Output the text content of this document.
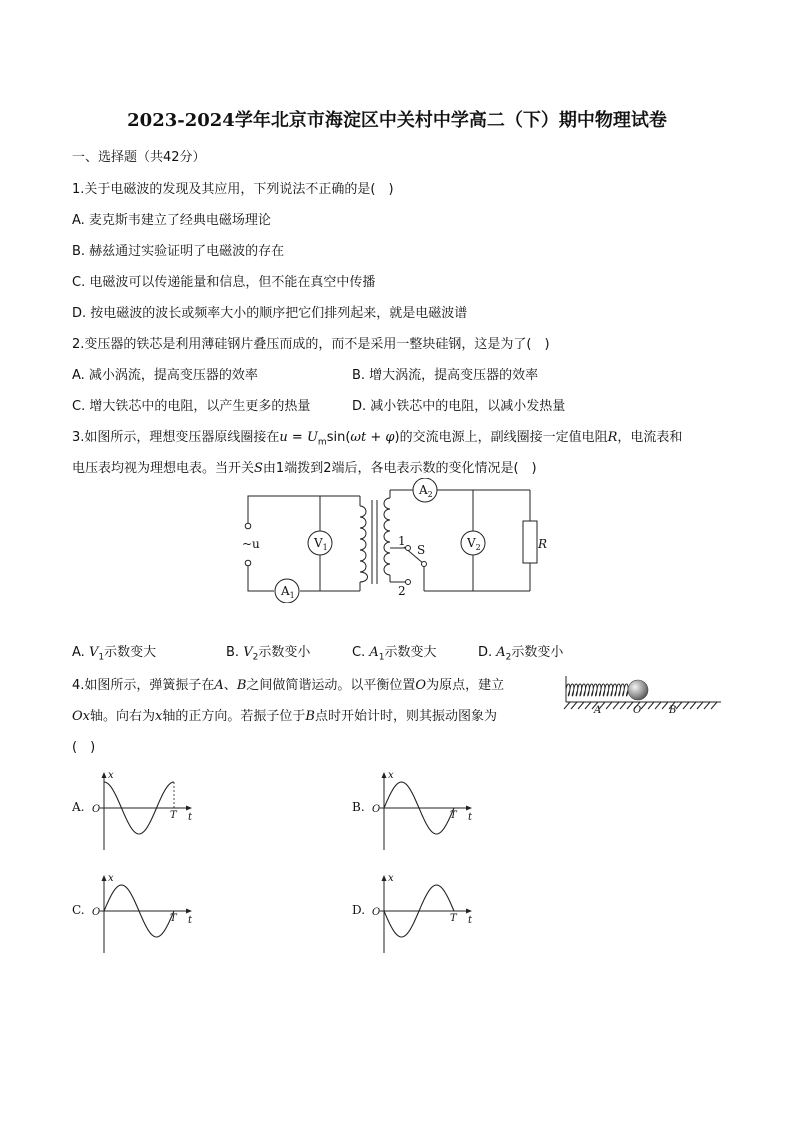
2023-2024学年北京市海淀区中关村中学高二（下）期中物理试卷
一、选择题（共42分）
1.关于电磁波的发现及其应用，下列说法不正确的是(　)
A. 麦克斯韦建立了经典电磁场理论
B. 赫兹通过实验证明了电磁波的存在
C. 电磁波可以传递能量和信息，但不能在真空中传播
D. 按电磁波的波长或频率大小的顺序把它们排列起来，就是电磁波谱
2.变压器的铁芯是利用薄硅钢片叠压而成的，而不是采用一整块硅钢，这是为了(　)
A. 减小涡流，提高变压器的效率	B. 增大涡流，提高变压器的效率
C. 增大铁芯中的电阻，以产生更多的热量	D. 减小铁芯中的电阻，以减小发热量
3.如图所示，理想变压器原线圈接在$u = U_m\sin(\omega t + \varphi)$的交流电源上，副线圈接一定值电阻R，电流表和
电压表均视为理想电表。当开关S由1端拨到2端后，各电表示数的变化情况是(　)
~u	$V_1$
$A_1$
$A_2$
$V_2$	R
S
1
2
A. $V_1$示数变大	B. $V_2$示数变小	C. $A_1$示数变大	D. $A_2$示数变小
4.如图所示，弹簧振子在A、B之间做简谐运动。以平衡位置O为原点，建立
Ox轴。向右为x轴的正方向。若振子位于B点时开始计时，则其振动图象为
(　)
A	O	B
x
O
T t
A.
x
O
T t
B.
x
O
T t
C.
x
O
T t
D.
